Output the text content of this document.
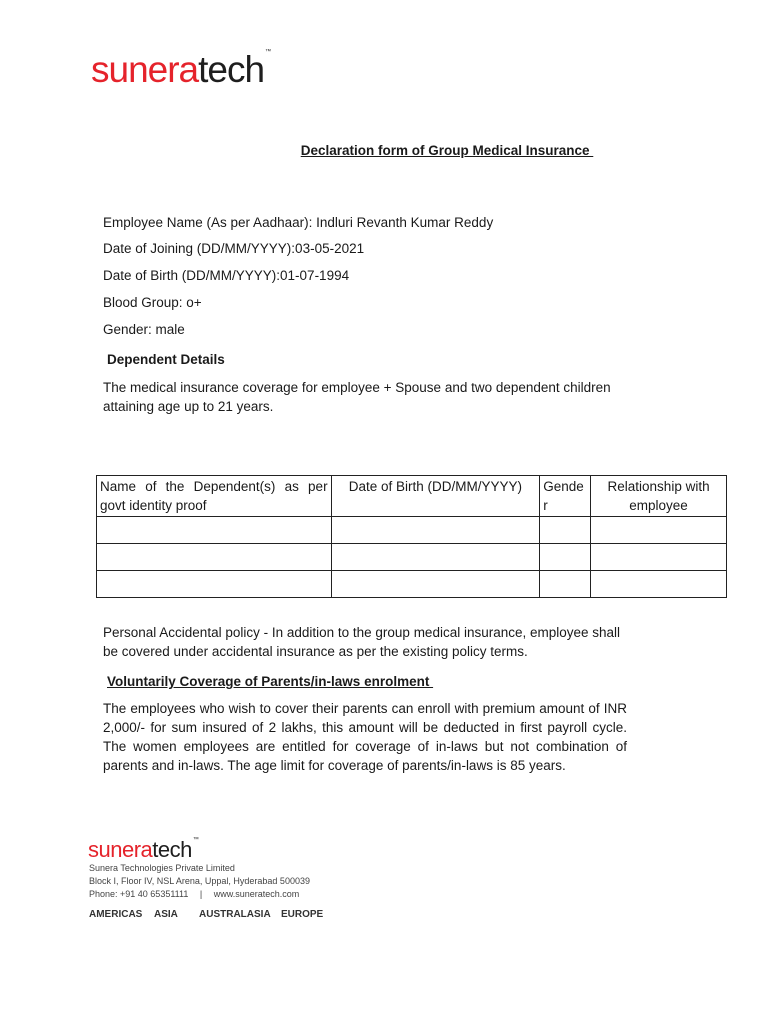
suneratech™
Declaration form of Group Medical Insurance
Employee Name (As per Aadhaar): Indluri Revanth Kumar Reddy
Date of Joining (DD/MM/YYYY):03-05-2021
Date of Birth (DD/MM/YYYY):01-07-1994
Blood Group: o+
Gender: male
Dependent Details
The medical insurance coverage for employee + Spouse and two dependent children attaining age up to 21 years.
Name of the Dependent(s) as per govt identity proof	Date of Birth (DD/MM/YYYY)	Gender	Relationship with employee

Personal Accidental policy - In addition to the group medical insurance, employee shall be covered under accidental insurance as per the existing policy terms.
Voluntarily Coverage of Parents/in-laws enrolment
The employees who wish to cover their parents can enroll with premium amount of INR 2,000/- for sum insured of 2 lakhs, this amount will be deducted in first payroll cycle. The women employees are entitled for coverage of in-laws but not combination of parents and in-laws. The age limit for coverage of parents/in-laws is 85 years.
suneratech™
Sunera Technologies Private Limited
Block I, Floor IV, NSL Arena, Uppal, Hyderabad 500039
Phone: +91 40 65351111 | www.suneratech.com
AMERICAS ASIA AUSTRALASIA EUROPE
